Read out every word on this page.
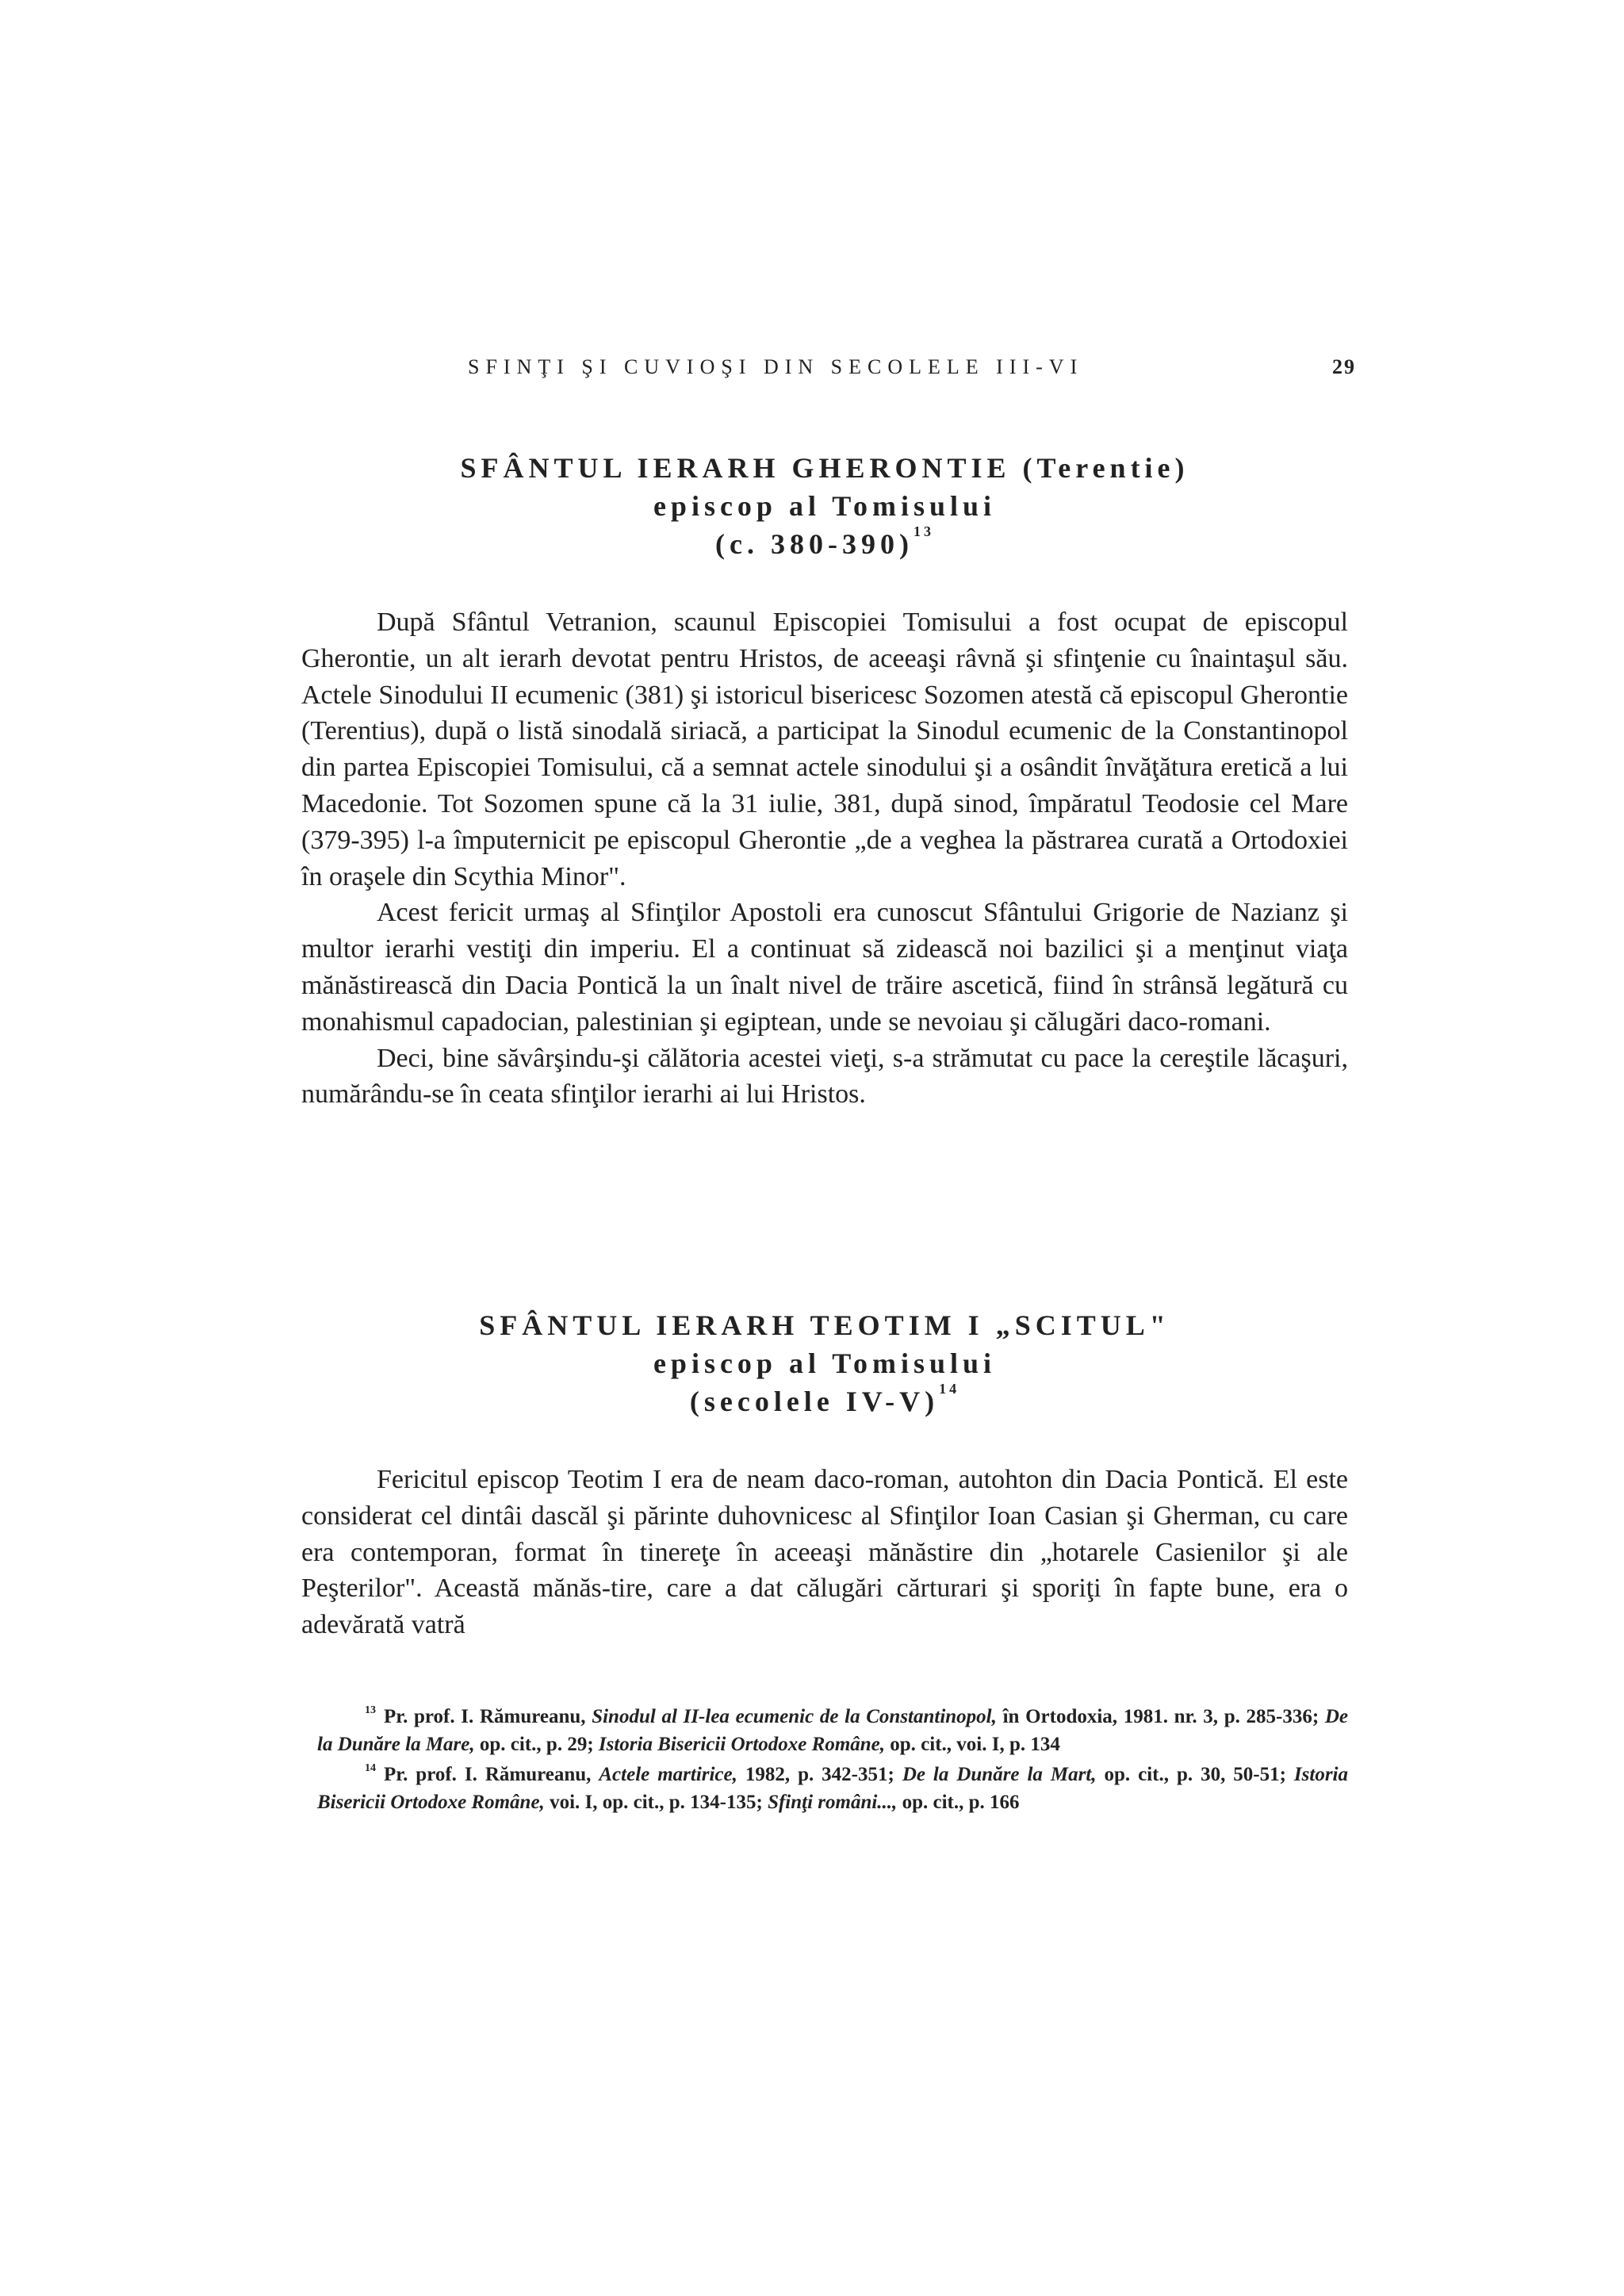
SFINŢI ŞI CUVIOŞI DIN SECOLELE III-VI	29
SFÂNTUL IERARH GHERONTIE (Terentie)
episcop al Tomisului
(c. 380-390)$^{13}$

După Sfântul Vetranion, scaunul Episcopiei Tomisului a fost ocupat de episcopul Gherontie, un alt ierarh devotat pentru Hristos, de aceeaşi râvnă şi sfinţenie cu înaintaşul său. Actele Sinodului II ecumenic (381) şi istoricul bisericesc Sozomen atestă că episcopul Gherontie (Terentius), după o listă sinodală siriacă, a participat la Sinodul ecumenic de la Constantinopol din partea Episcopiei Tomisului, că a semnat actele sinodului şi a osândit învăţătura eretică a lui Macedonie. Tot Sozomen spune că la 31 iulie, 381, după sinod, împăratul Teodosie cel Mare (379-395) l-a împuternicit pe episcopul Gherontie „de a veghea la păstrarea curată a Ortodoxiei în oraşele din Scythia Minor".

Acest fericit urmaş al Sfinţilor Apostoli era cunoscut Sfântului Grigorie de Nazianz şi multor ierarhi vestiţi din imperiu. El a continuat să zidească noi bazilici şi a menţinut viaţa mănăstirească din Dacia Pontică la un înalt nivel de trăire ascetică, fiind în strânsă legătură cu monahismul capadocian, palestinian şi egiptean, unde se nevoiau şi călugări daco-romani.

Deci, bine săvârşindu-şi călătoria acestei vieţi, s-a strămutat cu pace la cereştile lăcaşuri, numărându-se în ceata sfinţilor ierarhi ai lui Hristos.

SFÂNTUL IERARH TEOTIM I „SCITUL"
episcop al Tomisului
(secolele IV-V)$^{14}$

Fericitul episcop Teotim I era de neam daco-roman, autohton din Dacia Pontică. El este considerat cel dintâi dascăl şi părinte duhovnicesc al Sfinţilor Ioan Casian şi Gherman, cu care era contemporan, format în tinereţe în aceeaşi mănăstire din „hotarele Casienilor şi ale Peşterilor". Această mănăs-tire, care a dat călugări cărturari şi sporiţi în fapte bune, era o adevărată vatră

$^{13}$ Pr. prof. I. Rămureanu, Sinodul al II-lea ecumenic de la Constantinopol, în Ortodoxia, 1981. nr. 3, p. 285-336; De la Dunăre la Mare, op. cit., p. 29; Istoria Bisericii Ortodoxe Române, op. cit., voi. I, p. 134

$^{14}$ Pr. prof. I. Rămureanu, Actele martirice, 1982, p. 342-351; De la Dunăre la Mart, op. cit., p. 30, 50-51; Istoria Bisericii Ortodoxe Române, voi. I, op. cit., p. 134-135; Sfinţi români..., op. cit., p. 166
